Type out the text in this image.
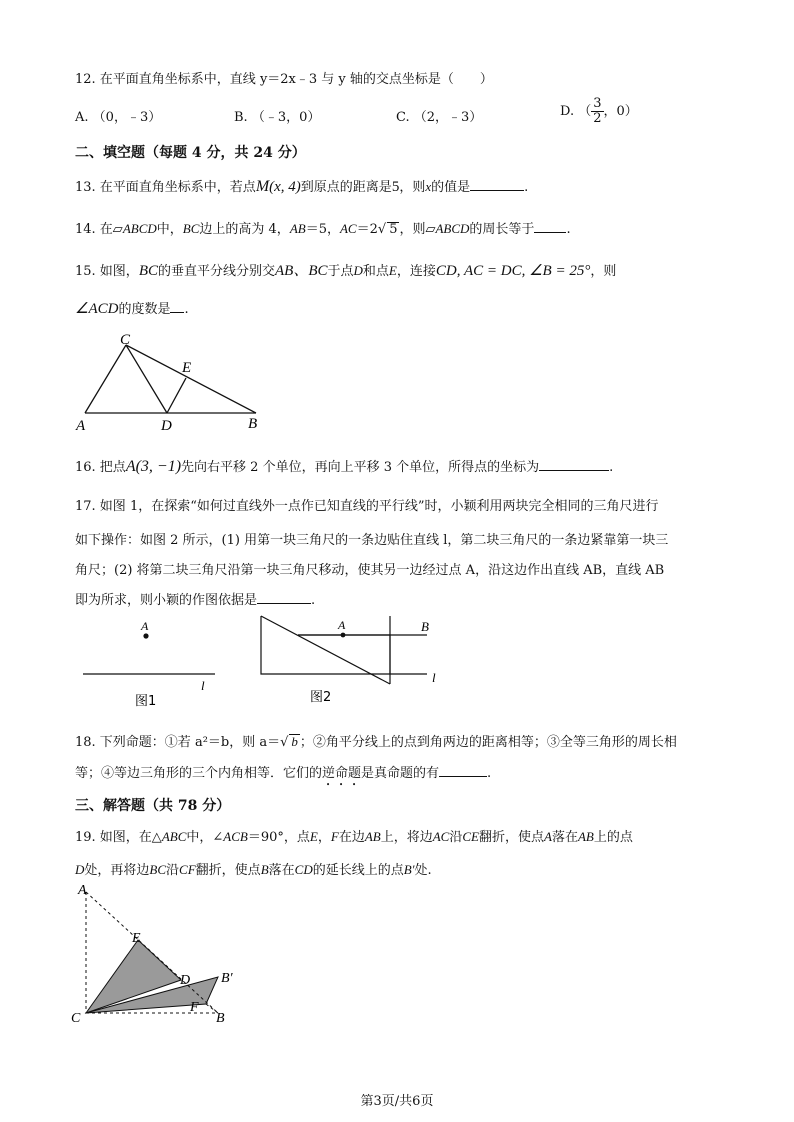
12. 在平面直角坐标系中，直线 y＝2x﹣3 与 y 轴的交点坐标是（　　）
A. （0，﹣3）	B. （﹣3，0）	C. （2，﹣3）	D. （ $\frac{3}{2}$ ，0）
二、填空题（每题 4 分，共 24 分）
13. 在平面直角坐标系中，若点M(x, 4)到原点的距离是5，则x的值是	.
14. 在▱ABCD中，BC边上的高为 4，AB＝5，AC＝2√ 5 ，则▱ABCD的周长等于 .
15. 如图，BC的垂直平分线分别交AB、BC于点D和点E，连接CD, AC = DC, ∠B = 25°，则
∠ACD的度数是 .
C
E
A	D	B
16. 把点A(3, −1)先向右平移 2 个单位，再向上平移 3 个单位，所得点的坐标为	.
17. 如图 1，在探索“如何过直线外一点作已知直线的平行线”时，小颖利用两块完全相同的三角尺进行
如下操作：如图 2 所示，(1) 用第一块三角尺的一条边贴住直线 l，第二块三角尺的一条边紧靠第一块三
角尺；(2) 将第二块三角尺沿第一块三角尺移动，使其另一边经过点 A，沿这边作出直线 AB，直线 AB
即为所求，则小颖的作图依据是	.
A
l
图1
A	B
l
图2
18. 下列命题：①若 a²＝b，则 a＝√ b ；②角平分线上的点到角两边的距离相等；③全等三角形的周长相
等；④等边三角形的三个内角相等．它们的逆命题是真命题的有	.
三、解答题（共 78 分）
19. 如图，在△ABC中，∠ACB＝90°，点E，F在边AB上，将边AC沿CE翻折，使点A落在AB上的点
D处，再将边BC沿CF翻折，使点B落在CD的延长线上的点B′处.
A
E
D B′
F
C	B
第3页/共6页
